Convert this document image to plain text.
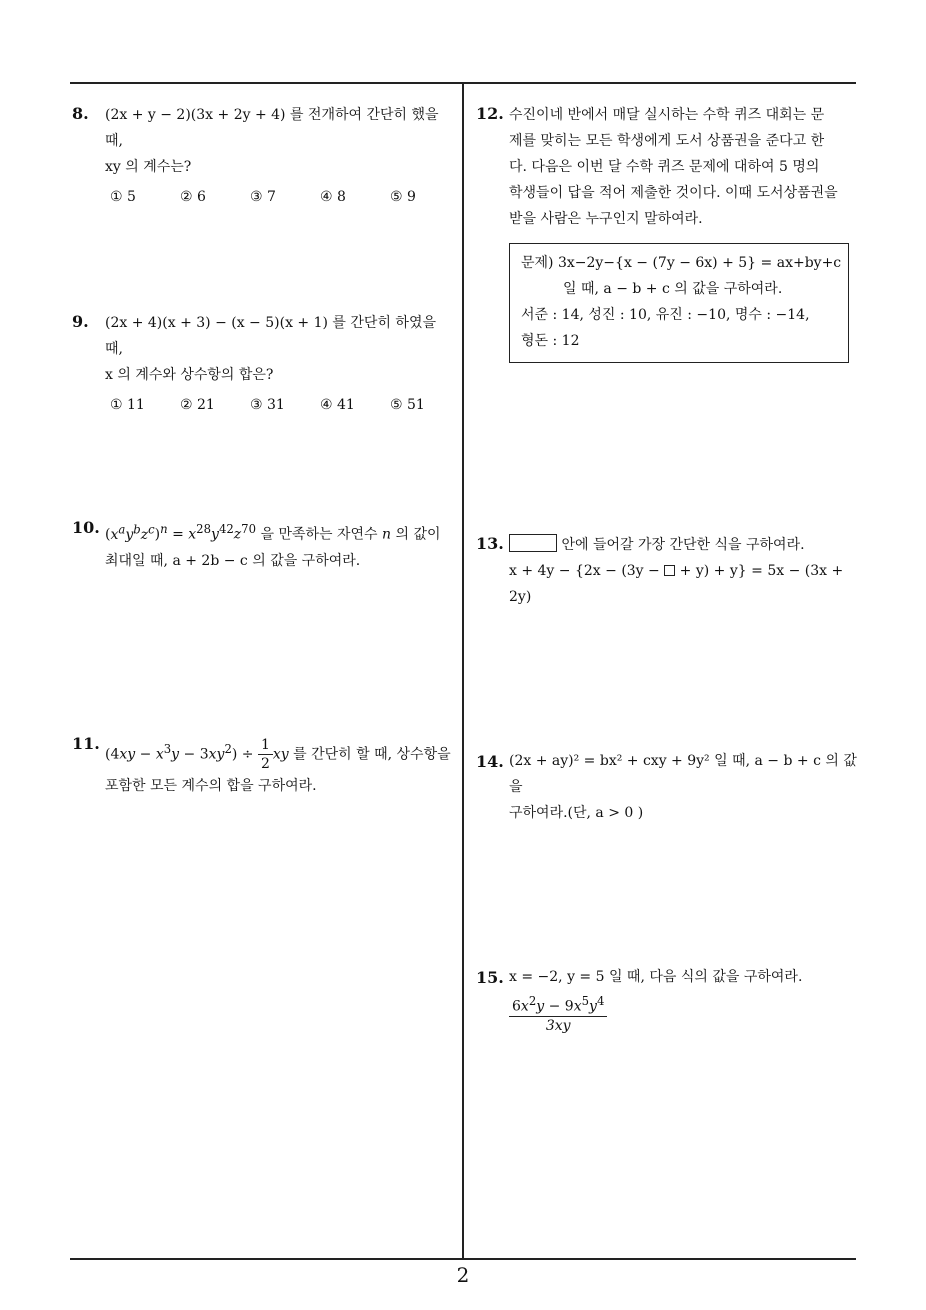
8. (2x + y − 2)(3x + 2y + 4) 를 전개하여 간단히 했을 때,
xy 의 계수는?
① 5	② 6	③ 7	④ 8	⑤ 9
9. (2x + 4)(x + 3) − (x − 5)(x + 1) 를 간단히 하였을 때,
x 의 계수와 상수항의 합은?
① 11	② 21	③ 31	④ 41	⑤ 51
10. $(x^ay^bz^c)^n = x^{28}y^{42}z^{70}$ 을 만족하는 자연수 n 의 값이
최대일 때, a + 2b − c 의 값을 구하여라.
11.
$(4xy - x^3y - 3xy^2) \div \frac{1}{2}$ xy 를 간단히 할 때, 상수항을
포함한 모든 계수의 합을 구하여라.
12. 수진이네 반에서 매달 실시하는 수학 퀴즈 대회는 문
제를 맞히는 모든 학생에게 도서 상품권을 준다고 한
다. 다음은 이번 달 수학 퀴즈 문제에 대하여 5 명의
학생들이 답을 적어 제출한 것이다. 이때 도서상품권을
받을 사람은 누구인지 말하여라.
문제) 3x−2y−{x − (7y − 6x) + 5} = ax+by+c
일 때, a − b + c 의 값을 구하여라.
서준 : 14, 성진 : 10, 유진 : −10, 명수 : −14,
형돈 : 12
13.	안에 들어갈 가장 간단한 식을 구하여라.
x + 4y − {2x − (3y −  + y) + y} = 5x − (3x + 2y)
14. (2x + ay)² = bx² + cxy + 9y² 일 때, a − b + c 의 값을
구하여라.(단, a > 0 )
15. x = −2, y = 5 일 때, 다음 식의 값을 구하여라.
$\frac{6x^2y - 9x^5y^4}{3xy}$
2
